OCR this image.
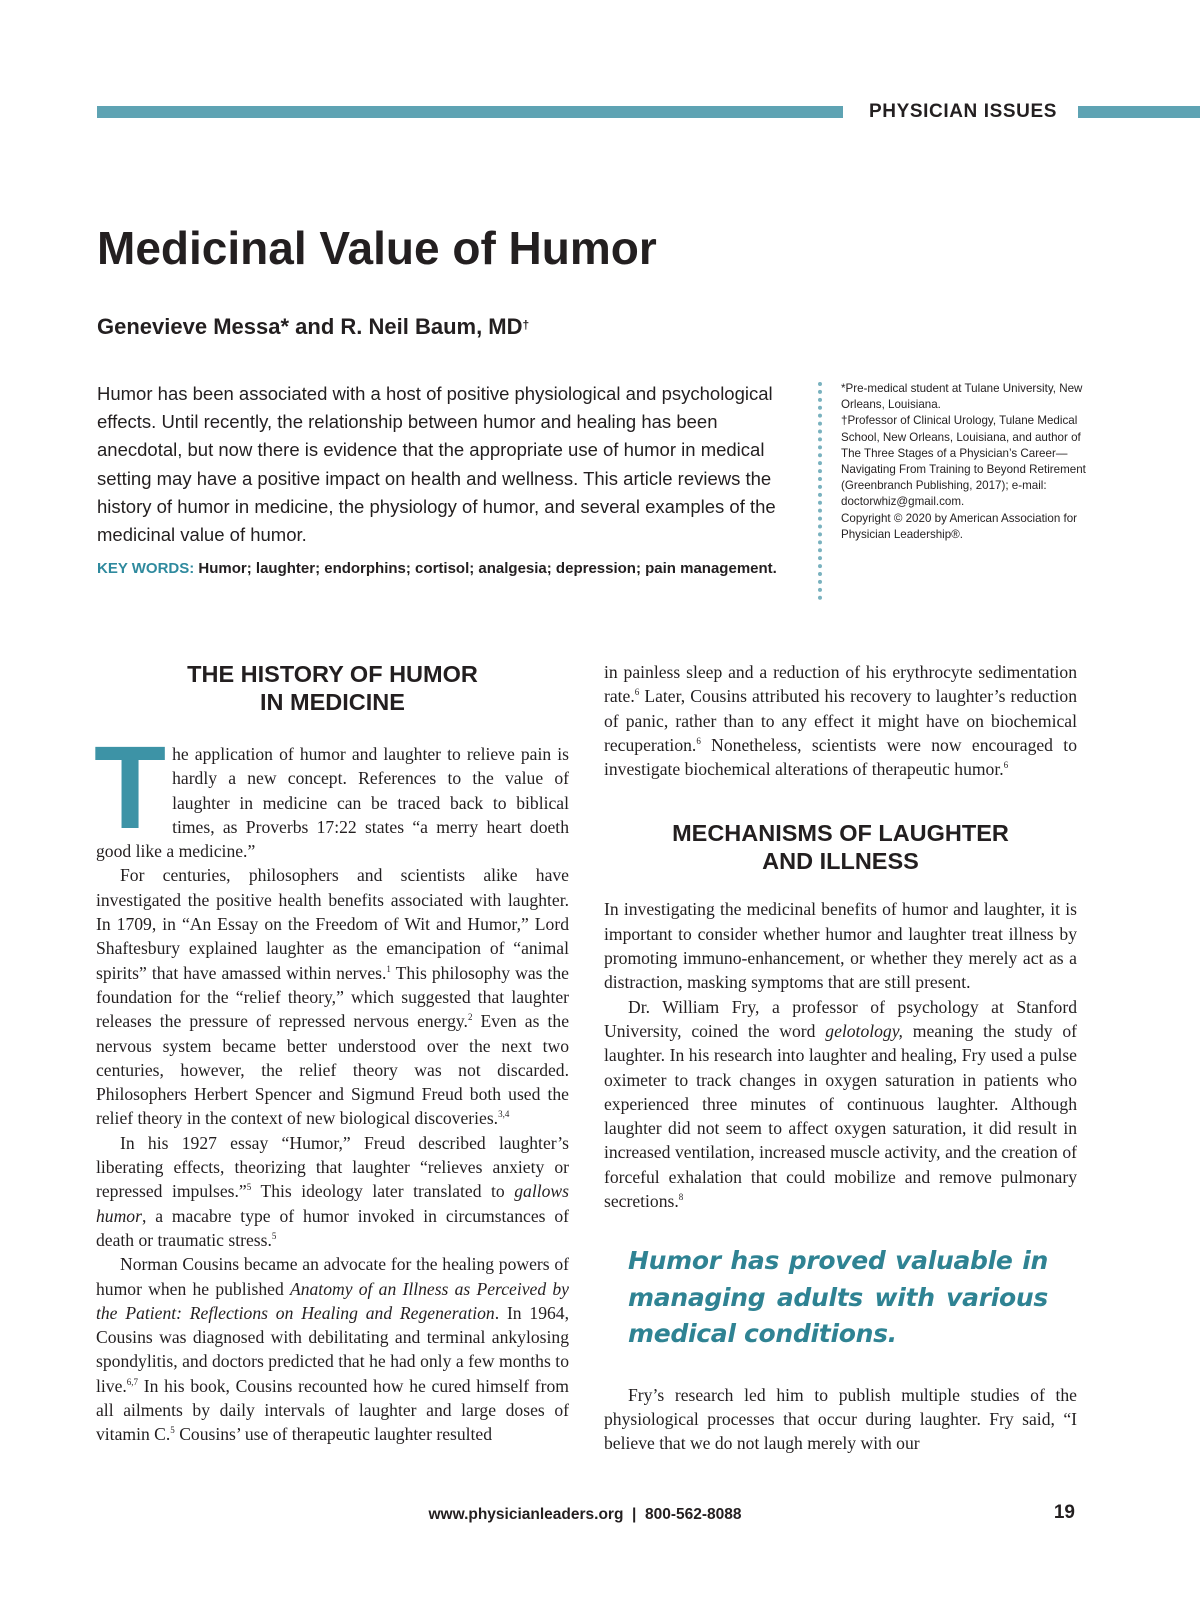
PHYSICIAN ISSUES
Medicinal Value of Humor

Genevieve Messa* and R. Neil Baum, MD†

Humor has been associated with a host of positive physiological and psychological effects. Until recently, the relationship between humor and healing has been anecdotal, but now there is evidence that the appropriate use of humor in medical setting may have a positive impact on health and wellness. This article reviews the history of humor in medicine, the physiology of humor, and several examples of the medicinal value of humor.

KEY WORDS: Humor; laughter; endorphins; cortisol; analgesia; depression; pain management.

*Pre-medical student at Tulane University, New Orleans, Louisiana.

†Professor of Clinical Urology, Tulane Medical School, New Orleans, Louisiana, and author of The Three Stages of a Physician’s Career—Navigating From Training to Beyond Retirement (Greenbranch Publishing, 2017); e-mail: doctorwhiz@gmail.com.

Copyright © 2020 by American Association for Physician Leadership®.

THE HISTORY OF HUMOR
IN MEDICINE

The application of humor and laughter to relieve pain is hardly a new concept. References to the value of laughter in medicine can be traced back to biblical times, as Proverbs 17:22 states “a merry heart doeth good like a medicine.”

For centuries, philosophers and scientists alike have investigated the positive health benefits associated with laughter. In 1709, in “An Essay on the Freedom of Wit and Humor,” Lord Shaftesbury explained laughter as the emancipation of “animal spirits” that have amassed within nerves.$^1$ This philosophy was the foundation for the “relief theory,” which suggested that laughter releases the pressure of repressed nervous energy.$^2$ Even as the nervous system became better understood over the next two centuries, however, the relief theory was not discarded. Philosophers Herbert Spencer and Sigmund Freud both used the relief theory in the context of new biological discoveries.$^{3,4}$

In his 1927 essay “Humor,” Freud described laughter’s liberating effects, theorizing that laughter “relieves anxiety or repressed impulses.”$^5$ This ideology later translated to gallows humor, a macabre type of humor invoked in circumstances of death or traumatic stress.$^5$

Norman Cousins became an advocate for the healing powers of humor when he published Anatomy of an Illness as Perceived by the Patient: Reflections on Healing and Regeneration. In 1964, Cousins was diagnosed with debilitating and terminal ankylosing spondylitis, and doctors predicted that he had only a few months to live.$^{6,7}$ In his book, Cousins recounted how he cured himself from all ailments by daily intervals of laughter and large doses of vitamin C.$^5$ Cousins’ use of therapeutic laughter resulted

in painless sleep and a reduction of his erythrocyte sedimentation rate.$^6$ Later, Cousins attributed his recovery to laughter’s reduction of panic, rather than to any effect it might have on biochemical recuperation.$^6$ Nonetheless, scientists were now encouraged to investigate biochemical alterations of therapeutic humor.$^6$

MECHANISMS OF LAUGHTER
AND ILLNESS

In investigating the medicinal benefits of humor and laughter, it is important to consider whether humor and laughter treat illness by promoting immuno-enhancement, or whether they merely act as a distraction, masking symptoms that are still present.

Dr. William Fry, a professor of psychology at Stanford University, coined the word gelotology, meaning the study of laughter. In his research into laughter and healing, Fry used a pulse oximeter to track changes in oxygen saturation in patients who experienced three minutes of continuous laughter. Although laughter did not seem to affect oxygen saturation, it did result in increased ventilation, increased muscle activity, and the creation of forceful exhalation that could mobilize and remove pulmonary secretions.$^8$

Humor has proved valuable in managing adults with various medical conditions.

Fry’s research led him to publish multiple studies of the physiological processes that occur during laughter. Fry said, “I believe that we do not laugh merely with our

www.physicianleaders.org  |  800-562-8088	19
